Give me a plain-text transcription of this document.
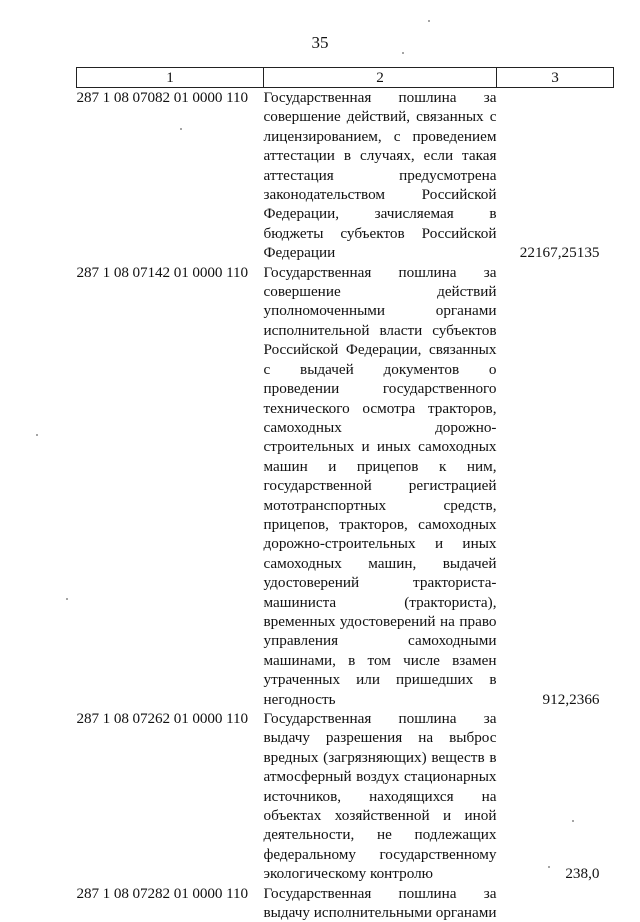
35
1	2	3
287 1 08 07082 01 0000 110	Государственная пошлина за совершение действий, связанных с лицензированием, с проведением аттестации в случаях, если такая аттестация предусмотрена законодательством Российской Федерации, зачисляемая в бюджеты субъектов Российской Федерации	22167,25135
287 1 08 07142 01 0000 110	Государственная пошлина за совершение действий уполномоченными органами исполнительной власти субъектов Российской Федерации, связанных с выдачей документов о проведении государственного технического осмотра тракторов, самоходных дорожно-строительных и иных самоходных машин и прицепов к ним, государственной регистрацией мототранспортных средств, прицепов, тракторов, самоходных дорожно-строительных и иных самоходных машин, выдачей удостоверений тракториста-машиниста (тракториста), временных удостоверений на право управления самоходными машинами, в том числе взамен утраченных или пришедших в негодность	912,2366
287 1 08 07262 01 0000 110	Государственная пошлина за выдачу разрешения на выброс вредных (загрязняющих) веществ в атмосферный воздух стационарных источников, находящихся на объектах хозяйственной и иной деятельности, не подлежащих федеральному государственному экологическому контролю	238,0
287 1 08 07282 01 0000 110	Государственная пошлина за выдачу исполнительными органами	
